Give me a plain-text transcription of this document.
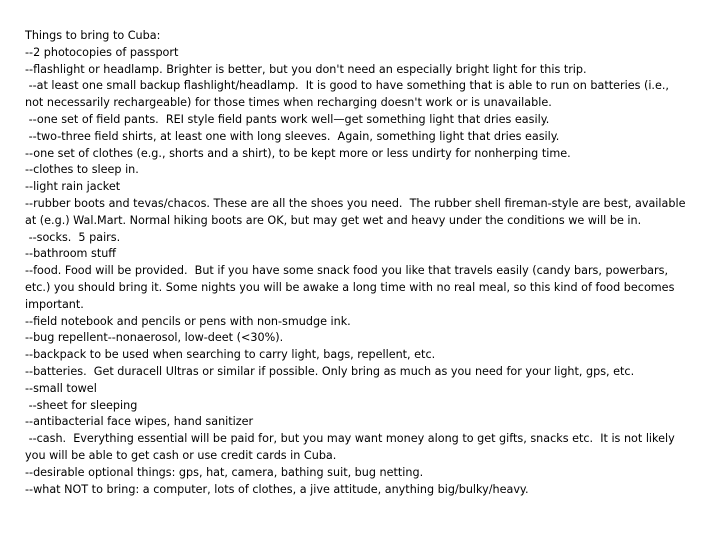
Things to bring to Cuba:

--2 photocopies of passport

--flashlight or headlamp. Brighter is better, but you don't need an especially bright light for this trip.

--at least one small backup flashlight/headlamp.  It is good to have something that is able to run on batteries (i.e., not necessarily rechargeable) for those times when recharging doesn't work or is unavailable.

--one set of field pants.  REI style field pants work well—get something light that dries easily.

--two-three field shirts, at least one with long sleeves.  Again, something light that dries easily.

--one set of clothes (e.g., shorts and a shirt), to be kept more or less undirty for nonherping time.

--clothes to sleep in.

--light rain jacket

--rubber boots and tevas/chacos. These are all the shoes you need.  The rubber shell fireman-style are best, available at (e.g.) Wal.Mart. Normal hiking boots are OK, but may get wet and heavy under the conditions we will be in.

--socks.  5 pairs.

--bathroom stuff

--food. Food will be provided.  But if you have some snack food you like that travels easily (candy bars, powerbars, etc.) you should bring it. Some nights you will be awake a long time with no real meal, so this kind of food becomes important.

--field notebook and pencils or pens with non-smudge ink.

--bug repellent--nonaerosol, low-deet (<30%).

--backpack to be used when searching to carry light, bags, repellent, etc.

--batteries.  Get duracell Ultras or similar if possible. Only bring as much as you need for your light, gps, etc.

--small towel

--sheet for sleeping

--antibacterial face wipes, hand sanitizer

--cash.  Everything essential will be paid for, but you may want money along to get gifts, snacks etc.  It is not likely you will be able to get cash or use credit cards in Cuba.

--desirable optional things: gps, hat, camera, bathing suit, bug netting.

--what NOT to bring: a computer, lots of clothes, a jive attitude, anything big/bulky/heavy.
